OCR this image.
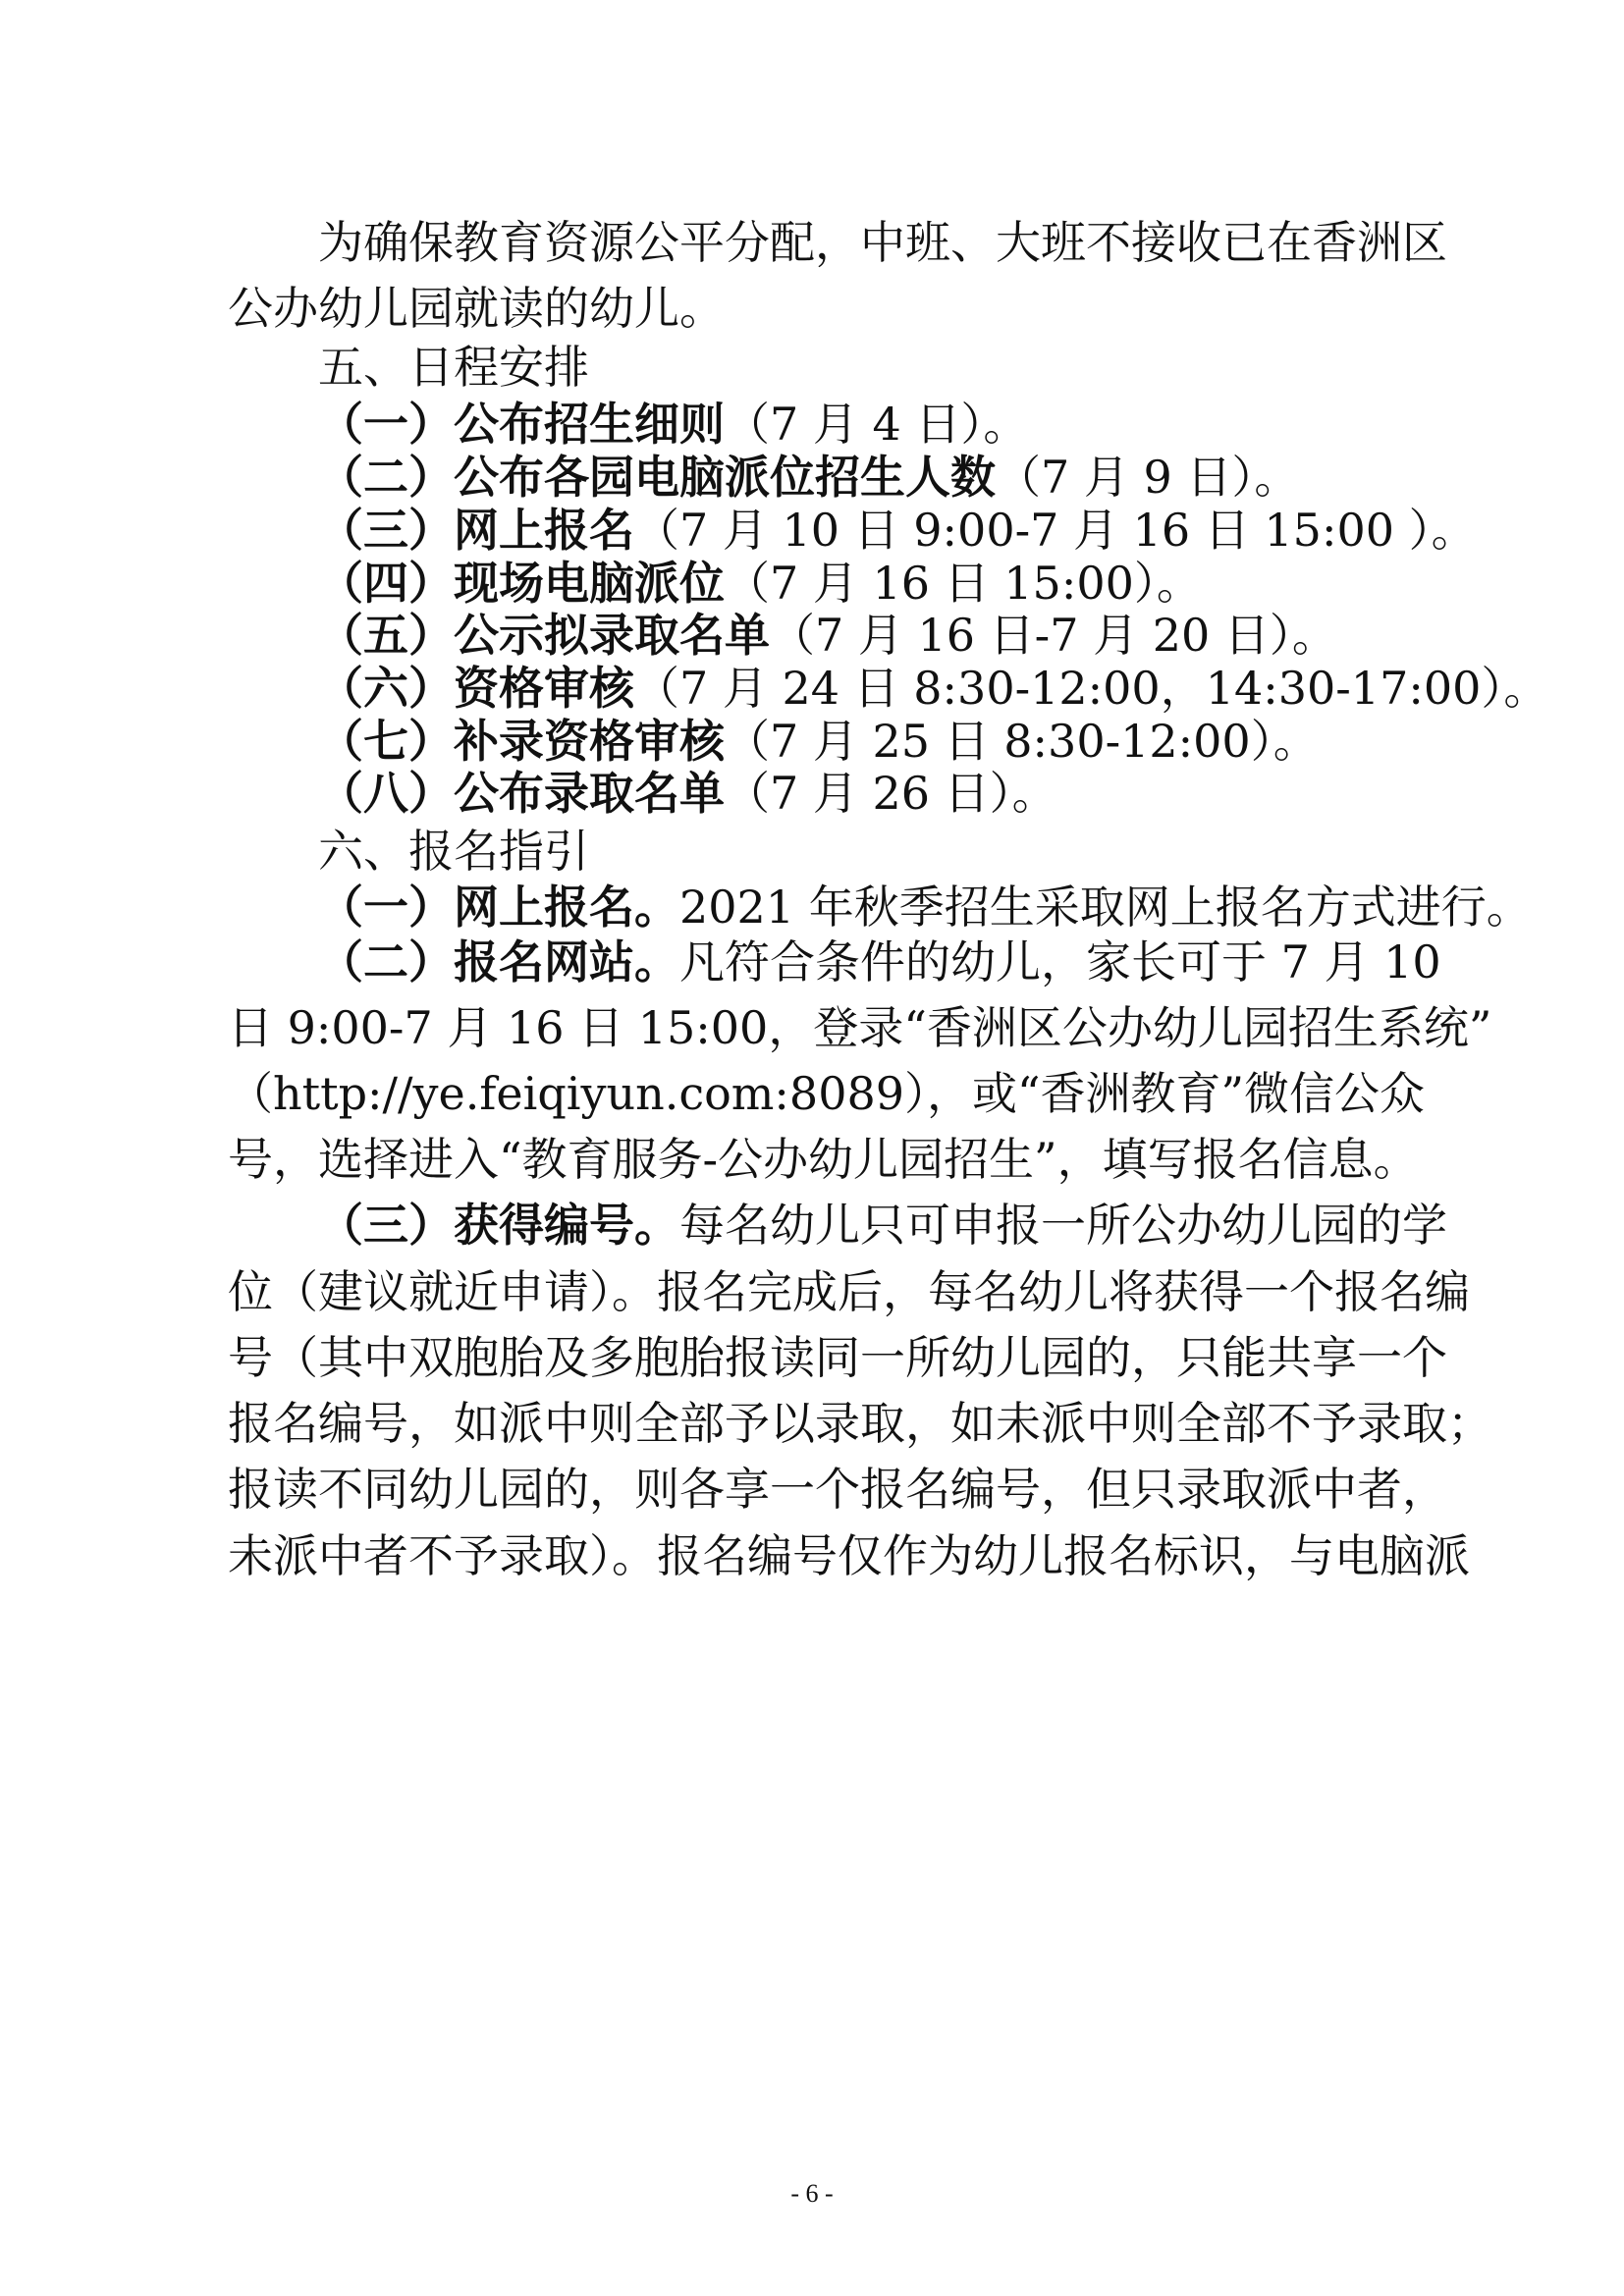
为确保教育资源公平分配，中班、大班不接收已在香洲区
公办幼儿园就读的幼儿。
五、日程安排
（一）公布招生细则（7 月 4 日）。
（二）公布各园电脑派位招生人数（7 月 9 日）。
（三）网上报名（7 月 10 日 9:00-7 月 16 日 15:00 ）。
（四）现场电脑派位（7 月 16 日 15:00）。
（五）公示拟录取名单（7 月 16 日-7 月 20 日）。
（六）资格审核（7 月 24 日 8:30-12:00，14:30-17:00）。
（七）补录资格审核（7 月 25 日 8:30-12:00）。
（八）公布录取名单（7 月 26 日）。
六、报名指引
（一）网上报名。2021 年秋季招生采取网上报名方式进行。
（二）报名网站。凡符合条件的幼儿，家长可于 7 月 10
日 9:00-7 月 16 日 15:00，登录“香洲区公办幼儿园招生系统”
（http://ye.feiqiyun.com:8089），或“香洲教育”微信公众
号，选择进入“教育服务-公办幼儿园招生”，填写报名信息。
（三）获得编号。每名幼儿只可申报一所公办幼儿园的学
位（建议就近申请）。报名完成后，每名幼儿将获得一个报名编
号（其中双胞胎及多胞胎报读同一所幼儿园的，只能共享一个
报名编号，如派中则全部予以录取，如未派中则全部不予录取；
报读不同幼儿园的，则各享一个报名编号，但只录取派中者，
未派中者不予录取）。报名编号仅作为幼儿报名标识，与电脑派
- 6 -
